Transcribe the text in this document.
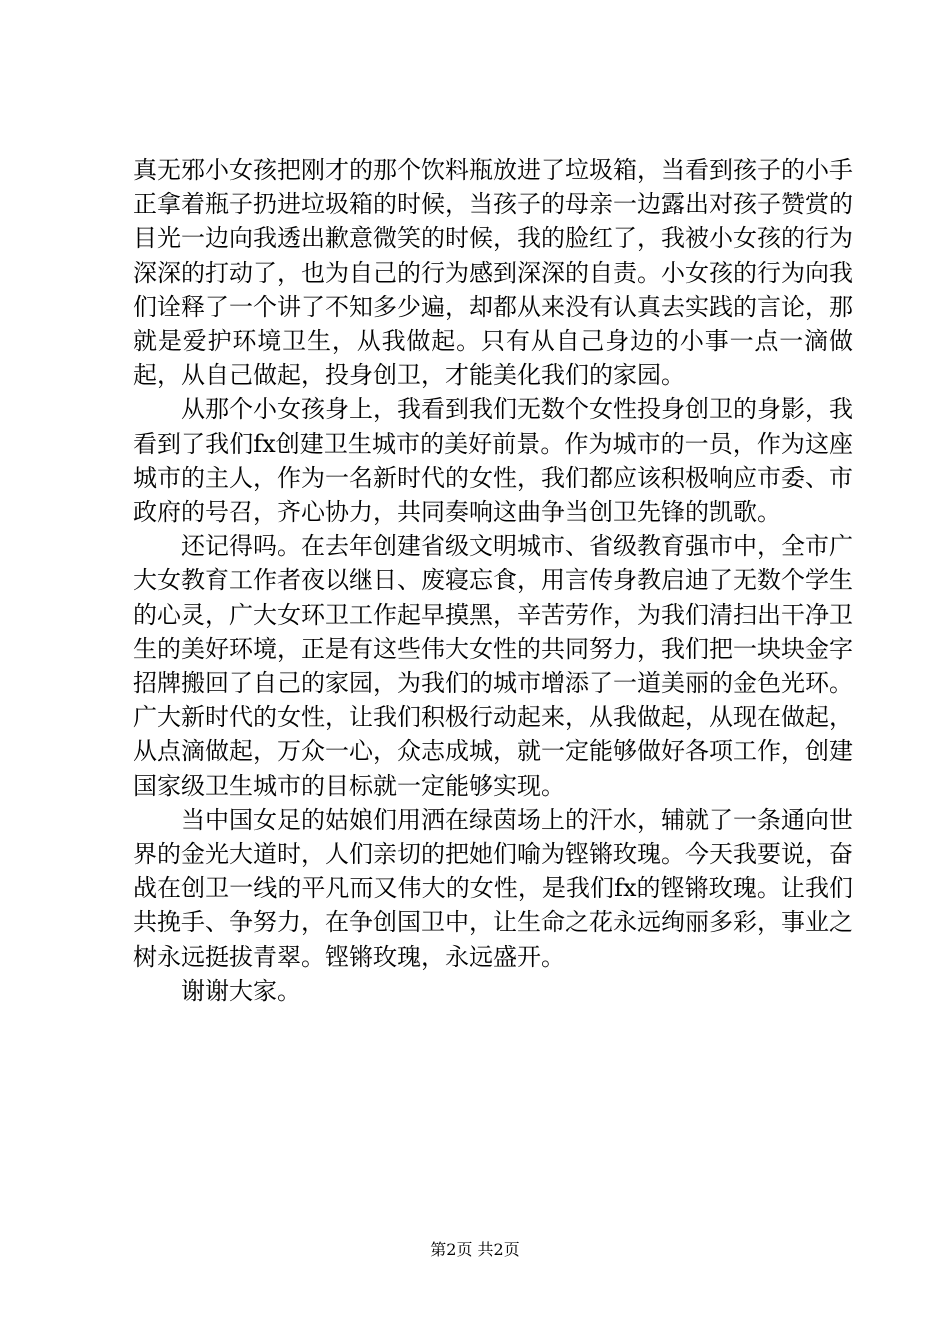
真无邪小女孩把刚才的那个饮料瓶放进了垃圾箱，当看到孩子的小手正拿着瓶子扔进垃圾箱的时候，当孩子的母亲一边露出对孩子赞赏的目光一边向我透出歉意微笑的时候，我的脸红了，我被小女孩的行为深深的打动了，也为自己的行为感到深深的自责。小女孩的行为向我们诠释了一个讲了不知多少遍，却都从来没有认真去实践的言论，那就是爱护环境卫生，从我做起。只有从自己身边的小事一点一滴做起，从自己做起，投身创卫，才能美化我们的家园。

从那个小女孩身上，我看到我们无数个女性投身创卫的身影，我看到了我们fx创建卫生城市的美好前景。作为城市的一员，作为这座城市的主人，作为一名新时代的女性，我们都应该积极响应市委、市政府的号召，齐心协力，共同奏响这曲争当创卫先锋的凯歌。

还记得吗。在去年创建省级文明城市、省级教育强市中，全市广大女教育工作者夜以继日、废寝忘食，用言传身教启迪了无数个学生的心灵，广大女环卫工作起早摸黑，辛苦劳作，为我们清扫出干净卫生的美好环境，正是有这些伟大女性的共同努力，我们把一块块金字招牌搬回了自己的家园，为我们的城市增添了一道美丽的金色光环。广大新时代的女性，让我们积极行动起来，从我做起，从现在做起，从点滴做起，万众一心，众志成城，就一定能够做好各项工作，创建国家级卫生城市的目标就一定能够实现。

当中国女足的姑娘们用洒在绿茵场上的汗水，辅就了一条通向世界的金光大道时，人们亲切的把她们喻为铿锵玫瑰。今天我要说，奋战在创卫一线的平凡而又伟大的女性，是我们fx的铿锵玫瑰。让我们共挽手、争努力，在争创国卫中，让生命之花永远绚丽多彩，事业之树永远挺拔青翠。铿锵玫瑰，永远盛开。

谢谢大家。

第2页 共2页
